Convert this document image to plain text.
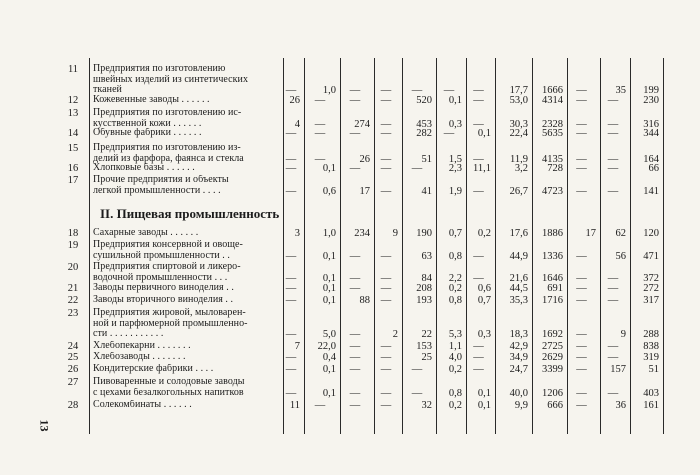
II. Пищевая промышленность
13
11	Предприятия по изготовлению
швейных изделий из синтетических
тканей	—	1,0	—	—	—	—	—	17,7	1666	—	35	199
12	Кожевенные заводы . . . . . .	26	—	—	—	520	0,1	—	53,0	4314	—	—	230
13	Предприятия по изготовлению ис-
кусственной кожи . . . . . .	4	—	274	—	453	0,3	—	30,3	2328	—	—	316
14	Обувные фабрики . . . . . .	—	—	—	—	282	—	0,1	22,4	5635	—	—	344
15	Предприятия по изготовлению из-
делий из фарфора, фаянса и стекла	—	—	26	—	51	1,5	—	11,9	4135	—	—	164
16	Хлопковые базы . . . . . .	—	0,1	—	—	—	2,3	11,1	3,2	728	—	—	66
17	Прочие предприятия и объекты
легкой промышленности . . . .	—	0,6	17	—	41	1,9	—	26,7	4723	—	—	141
18	Сахарные заводы . . . . . .	3	1,0	234	9	190	0,7	0,2	17,6	1886	17	62	120
19	Предприятия консервной и овоще-
сушильной промышленности . .	—	0,1	—	—	63	0,8	—	44,9	1336	—	56	471
20	Предприятия спиртовой и ликеро-
водочной промышленности . . .	—	0,1	—	—	84	2,2	—	21,6	1646	—	—	372
21	Заводы первичного виноделия . .	—	0,1	—	—	208	0,2	0,6	44,5	691	—	—	272
22	Заводы вторичного виноделия . .	—	0,1	88	—	193	0,8	0,7	35,3	1716	—	—	317
23	Предприятия жировой, мыловарен-
ной и парфюмерной промышленно-
сти . . . . . . . . . . .	—	5,0	—	2	22	5,3	0,3	18,3	1692	—	9	288
24	Хлебопекарни . . . . . . .	7	22,0	—	—	153	1,1	—	42,9	2725	—	—	838
25	Хлебозаводы . . . . . . .	—	0,4	—	—	25	4,0	—	34,9	2629	—	—	319
26	Кондитерские фабрики . . . .	—	0,1	—	—	—	0,2	—	24,7	3399	—	157	51
27	Пивоваренные и солодовые заводы
с цехами безалкогольных напитков	—	0,1	—	—	—	0,8	0,1	40,0	1206	—	—	403
28	Солекомбинаты . . . . . .	11	—	—	—	32	0,2	0,1	9,9	666	—	36	161
